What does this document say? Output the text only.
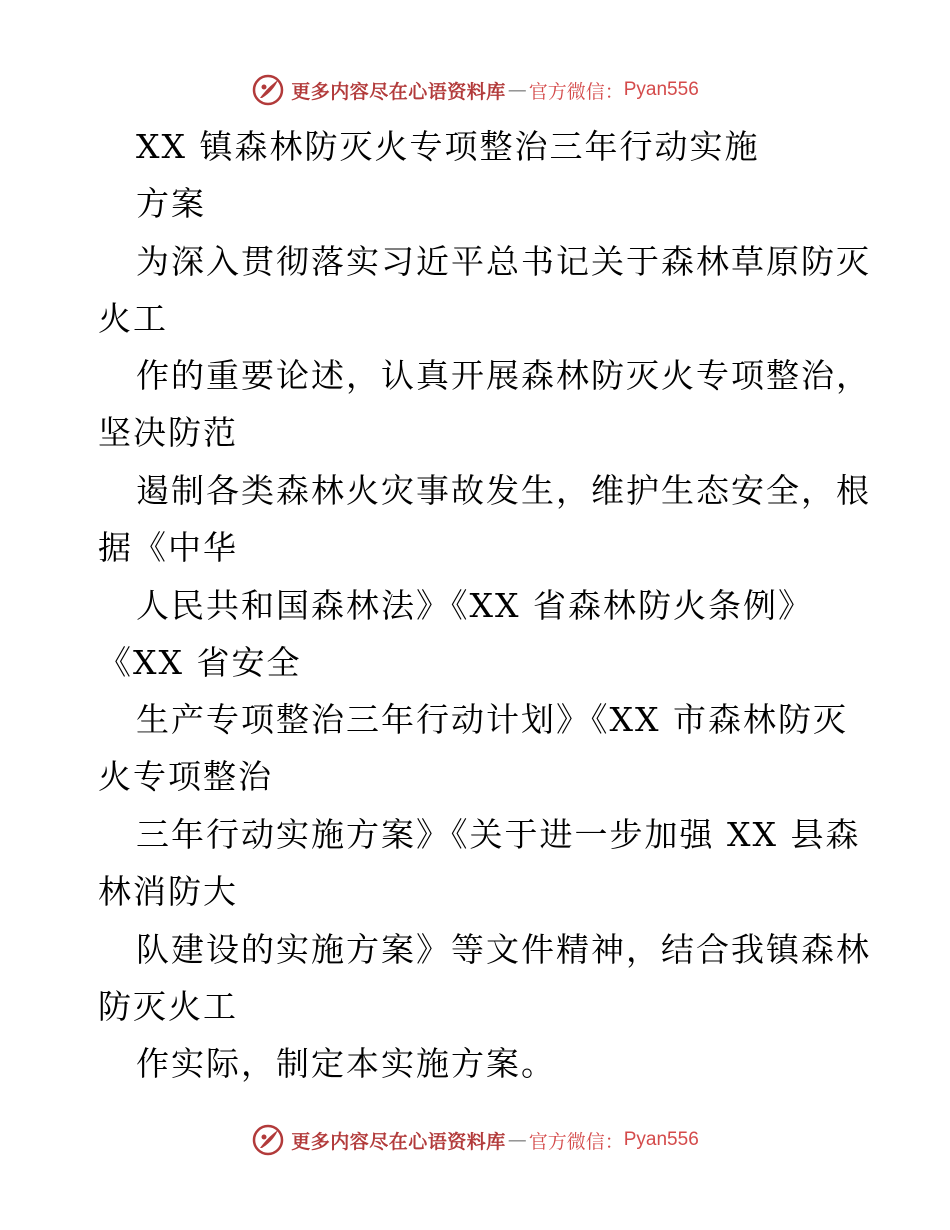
更多内容尽在心语资料库 — 官方微信： Pyan556
XX 镇森林防灭火专项整治三年行动实施
方案
为深入贯彻落实习近平总书记关于森林草原防灭
火工
作的重要论述，认真开展森林防灭火专项整治，
坚决防范
遏制各类森林火灾事故发生，维护生态安全，根
据《中华
人民共和国森林法》《XX 省森林防火条例》
《XX 省安全
生产专项整治三年行动计划》《XX 市森林防灭
火专项整治
三年行动实施方案》《关于进一步加强 XX 县森
林消防大
队建设的实施方案》等文件精神，结合我镇森林
防灭火工
作实际，制定本实施方案。
更多内容尽在心语资料库 — 官方微信： Pyan556
